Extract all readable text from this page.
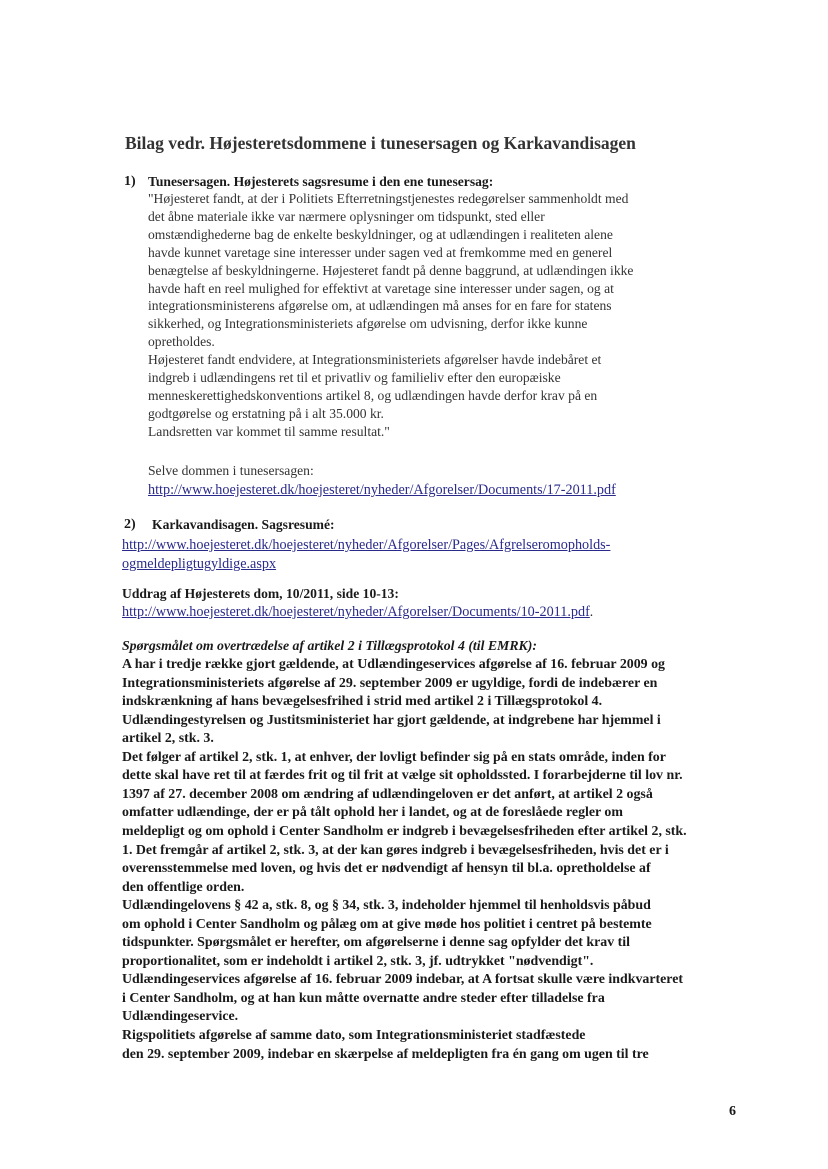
Bilag vedr. Højesteretsdommene i tunesersagen og Karkavandisagen
1) Tunesersagen. Højesterets sagsresume i den ene tunesersag:
"Højesteret fandt, at der i Politiets Efterretningstjenestes redegørelser sammenholdt med
det åbne materiale ikke var nærmere oplysninger om tidspunkt, sted eller
omstændighederne bag de enkelte beskyldninger, og at udlændingen i realiteten alene
havde kunnet varetage sine interesser under sagen ved at fremkomme med en generel
benægtelse af beskyldningerne. Højesteret fandt på denne baggrund, at udlændingen ikke
havde haft en reel mulighed for effektivt at varetage sine interesser under sagen, og at
integrationsministerens afgørelse om, at udlændingen må anses for en fare for statens
sikkerhed, og Integrationsministeriets afgørelse om udvisning, derfor ikke kunne
opretholdes.
Højesteret fandt endvidere, at Integrationsministeriets afgørelser havde indebåret et
indgreb i udlændingens ret til et privatliv og familieliv efter den europæiske
menneskerettighedskonventions artikel 8, og udlændingen havde derfor krav på en
godtgørelse og erstatning på i alt 35.000 kr.
Landsretten var kommet til samme resultat."
Selve dommen i tunesersagen:
http://www.hoejesteret.dk/hoejesteret/nyheder/Afgorelser/Documents/17-2011.pdf
2) Karkavandisagen. Sagsresumé:
http://www.hoejesteret.dk/hoejesteret/nyheder/Afgorelser/Pages/Afgrelseromopholds-
ogmeldepligtugyldige.aspx
Uddrag af Højesterets dom, 10/2011, side 10-13:
http://www.hoejesteret.dk/hoejesteret/nyheder/Afgorelser/Documents/10-2011.pdf.
Spørgsmålet om overtrædelse af artikel 2 i Tillægsprotokol 4 (til EMRK):
A har i tredje række gjort gældende, at Udlændingeservices afgørelse af 16. februar 2009 og
Integrationsministeriets afgørelse af 29. september 2009 er ugyldige, fordi de indebærer en
indskrænkning af hans bevægelsesfrihed i strid med artikel 2 i Tillægsprotokol 4.
Udlændingestyrelsen og Justitsministeriet har gjort gældende, at indgrebene har hjemmel i
artikel 2, stk. 3.
Det følger af artikel 2, stk. 1, at enhver, der lovligt befinder sig på en stats område, inden for
dette skal have ret til at færdes frit og til frit at vælge sit opholdssted. I forarbejderne til lov nr.
1397 af 27. december 2008 om ændring af udlændingeloven er det anført, at artikel 2 også
omfatter udlændinge, der er på tålt ophold her i landet, og at de foreslåede regler om
meldepligt og om ophold i Center Sandholm er indgreb i bevægelsesfriheden efter artikel 2, stk.
1. Det fremgår af artikel 2, stk. 3, at der kan gøres indgreb i bevægelsesfriheden, hvis det er i
overensstemmelse med loven, og hvis det er nødvendigt af hensyn til bl.a. opretholdelse af
den offentlige orden.
Udlændingelovens § 42 a, stk. 8, og § 34, stk. 3, indeholder hjemmel til henholdsvis påbud
om ophold i Center Sandholm og pålæg om at give møde hos politiet i centret på bestemte
tidspunkter. Spørgsmålet er herefter, om afgørelserne i denne sag opfylder det krav til
proportionalitet, som er indeholdt i artikel 2, stk. 3, jf. udtrykket "nødvendigt".
Udlændingeservices afgørelse af 16. februar 2009 indebar, at A fortsat skulle være indkvarteret
i Center Sandholm, og at han kun måtte overnatte andre steder efter tilladelse fra
Udlændingeservice.
Rigspolitiets afgørelse af samme dato, som Integrationsministeriet stadfæstede
den 29. september 2009, indebar en skærpelse af meldepligten fra én gang om ugen til tre
6
